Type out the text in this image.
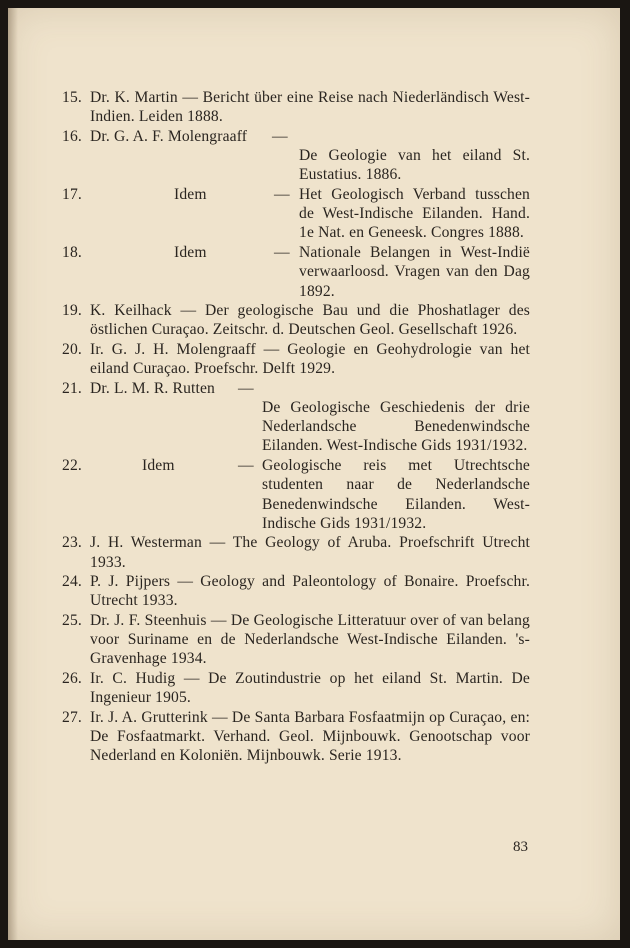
15. Dr. K. Martin — Bericht über eine Reise nach Niederländisch West-Indien. Leiden 1888.
16. Dr. G. A. F. Molengraaff —
De Geologie van het eiland St. Eustatius. 1886.
17.	Idem	— Het Geologisch Verband tusschen de West-Indische Eilanden. Hand. 1e Nat. en Geneesk. Congres 1888.
18.	Idem	— Nationale Belangen in West-Indië verwaarloosd. Vragen van den Dag 1892.
19. K. Keilhack — Der geologische Bau und die Phoshatlager des östlichen Curaçao. Zeitschr. d. Deutschen Geol. Gesellschaft 1926.
20. Ir. G. J. H. Molengraaff — Geologie en Geohydrologie van het eiland Curaçao. Proefschr. Delft 1929.
21. Dr. L. M. R. Rutten —
De Geologische Geschiedenis der drie Nederlandsche Benedenwindsche Eilanden. West-Indische Gids 1931/1932.
22.	Idem	— Geologische reis met Utrechtsche studenten naar de Nederlandsche Benedenwindsche Eilanden. West-Indische Gids 1931/1932.
23. J. H. Westerman — The Geology of Aruba. Proefschrift Utrecht 1933.
24. P. J. Pijpers — Geology and Paleontology of Bonaire. Proefschr. Utrecht 1933.
25. Dr. J. F. Steenhuis — De Geologische Litteratuur over of van belang voor Suriname en de Nederlandsche West-Indische Eilanden. 's-Gravenhage 1934.
26. Ir. C. Hudig — De Zoutindustrie op het eiland St. Martin. De Ingenieur 1905.
27. Ir. J. A. Grutterink — De Santa Barbara Fosfaatmijn op Curaçao, en: De Fosfaatmarkt. Verhand. Geol. Mijnbouwk. Genootschap voor Nederland en Koloniën. Mijnbouwk. Serie 1913.
83
